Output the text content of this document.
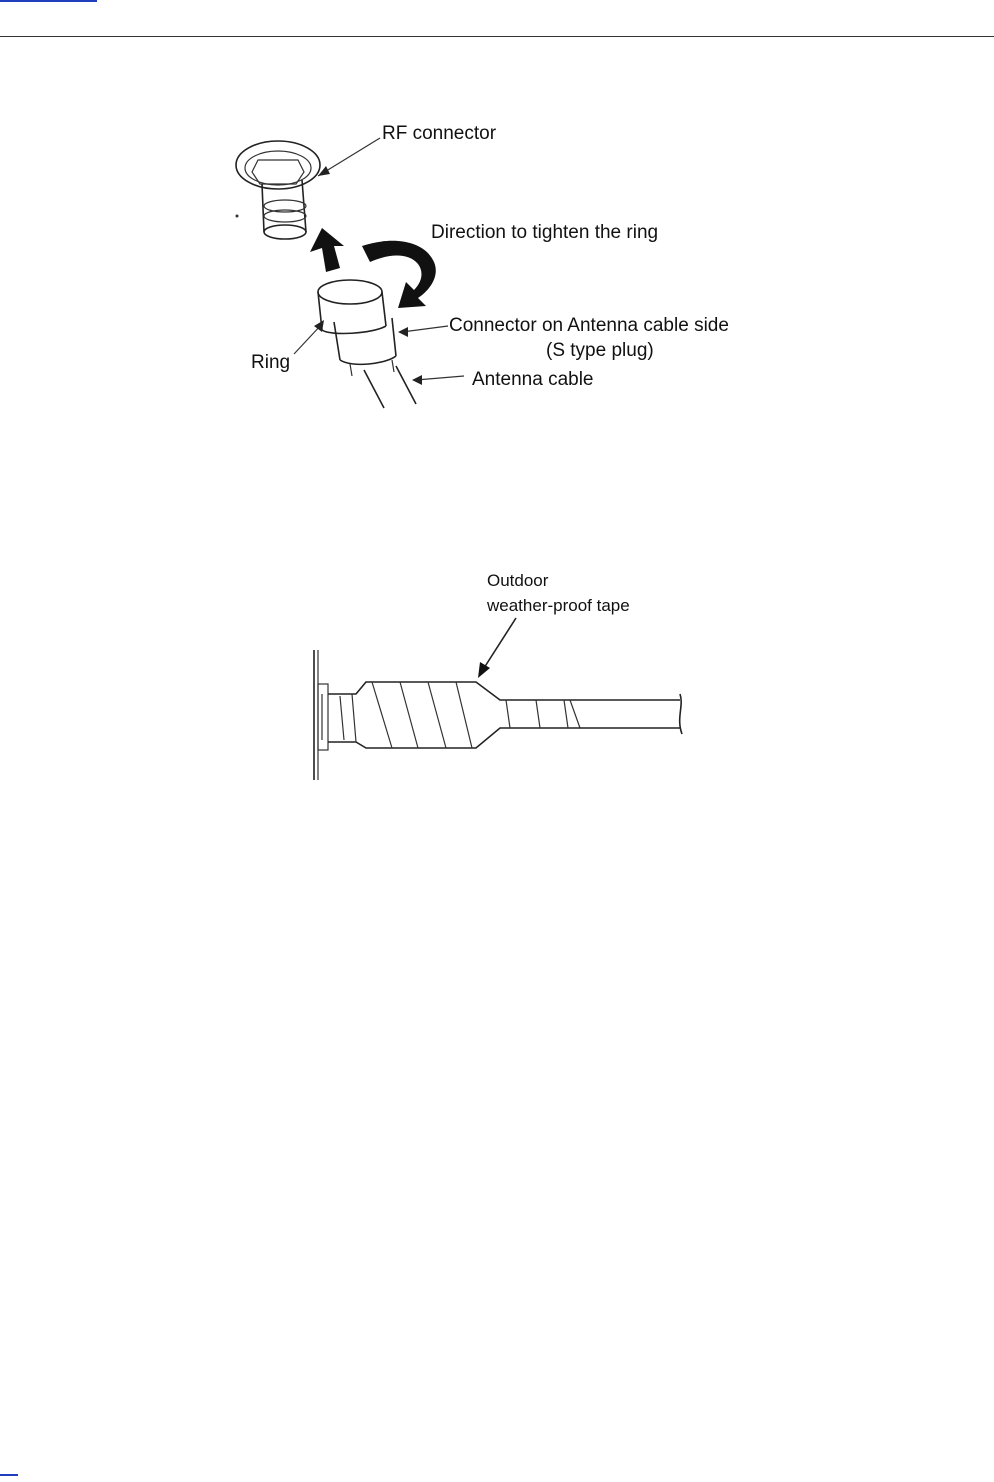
RF connector
Direction to tighten the ring
Connector on Antenna cable side
(S type plug)
Ring
Antenna cable
Outdoor
weather-proof tape
